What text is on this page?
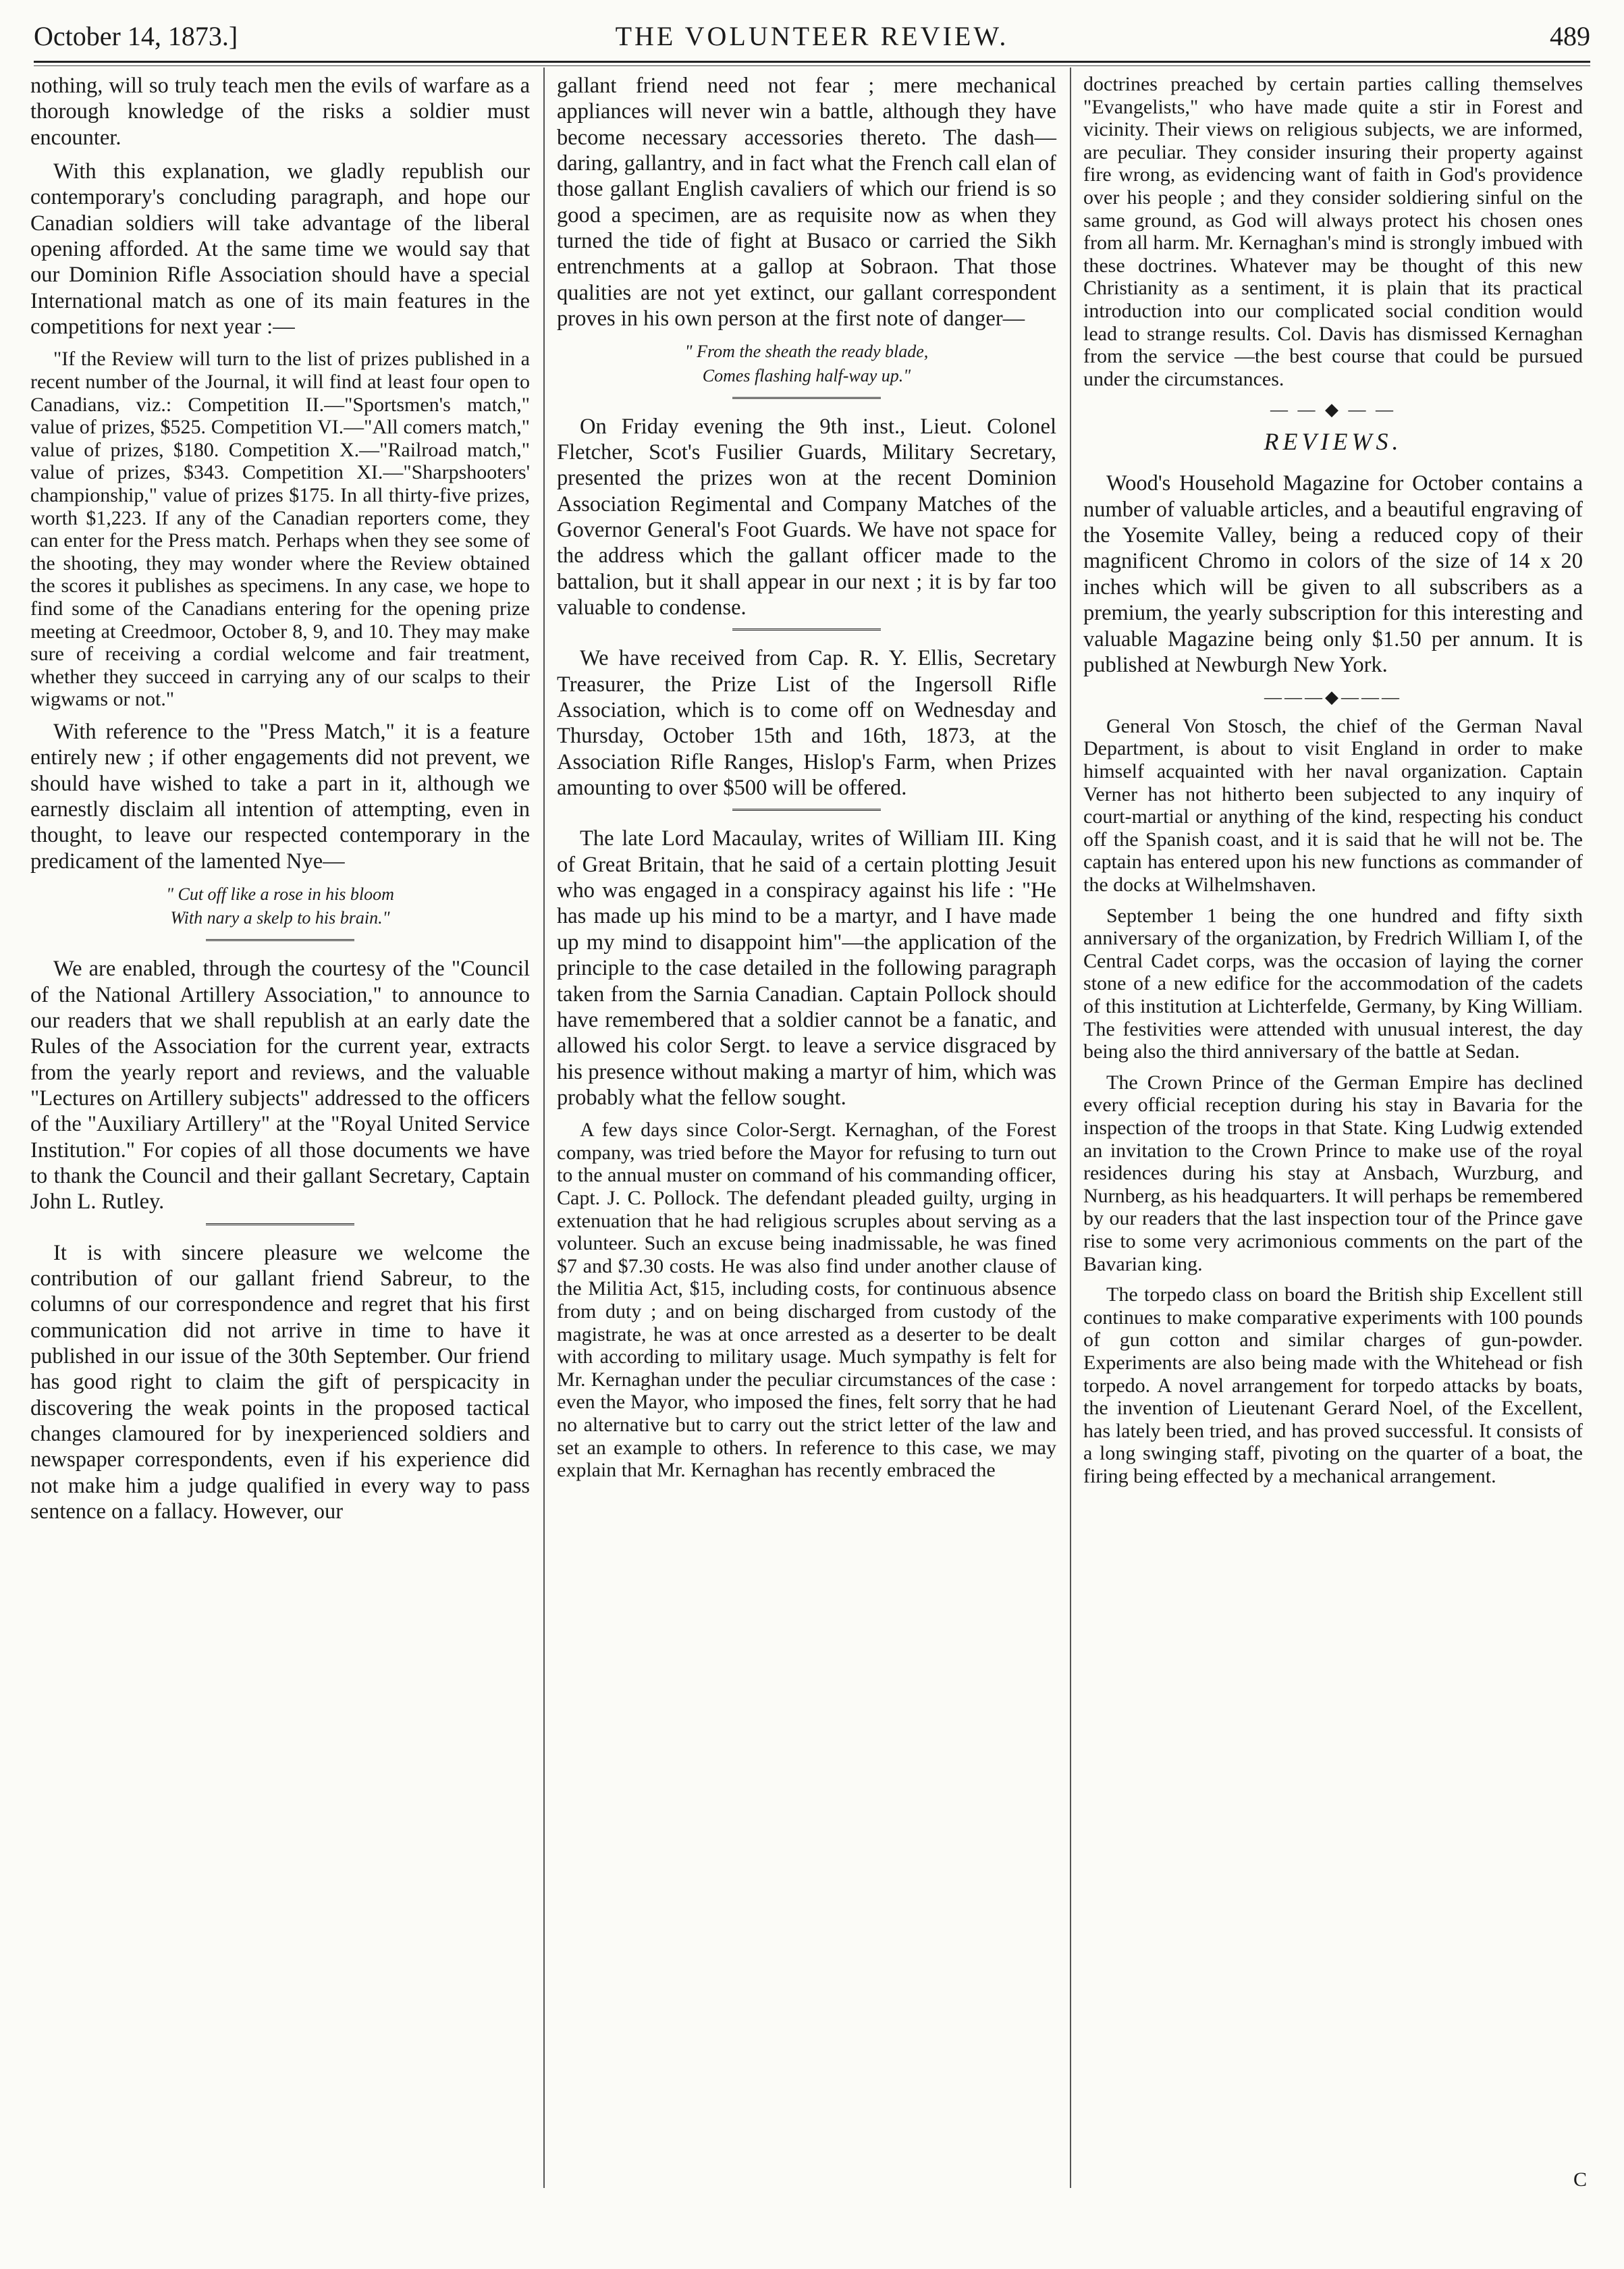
October 14, 1873.]	THE VOLUNTEER REVIEW.	489

nothing, will so truly teach men the evils of warfare as a thorough knowledge of the risks a soldier must encounter.

With this explanation, we gladly republish our contemporary's concluding paragraph, and hope our Canadian soldiers will take advantage of the liberal opening afforded. At the same time we would say that our Dominion Rifle Association should have a special International match as one of its main features in the competitions for next year :—

"If the Review will turn to the list of prizes published in a recent number of the Journal, it will find at least four open to Canadians, viz.: Competition II.—"Sportsmen's match," value of prizes, $525. Competition VI.—"All comers match," value of prizes, $180. Competition X.—"Railroad match," value of prizes, $343. Competition XI.—"Sharpshooters' championship," value of prizes $175. In all thirty-five prizes, worth $1,223. If any of the Canadian reporters come, they can enter for the Press match. Perhaps when they see some of the shooting, they may wonder where the Review obtained the scores it publishes as specimens. In any case, we hope to find some of the Canadians entering for the opening prize meeting at Creedmoor, October 8, 9, and 10. They may make sure of receiving a cordial welcome and fair treatment, whether they succeed in carrying any of our scalps to their wigwams or not."

With reference to the "Press Match," it is a feature entirely new ; if other engagements did not prevent, we should have wished to take a part in it, although we earnestly disclaim all intention of attempting, even in thought, to leave our respected contemporary in the predicament of the lamented Nye—

" Cut off like a rose in his bloom
With nary a skelp to his brain."

We are enabled, through the courtesy of the "Council of the National Artillery Association," to announce to our readers that we shall republish at an early date the Rules of the Association for the current year, extracts from the yearly report and reviews, and the valuable "Lectures on Artillery subjects" addressed to the officers of the "Auxiliary Artillery" at the "Royal United Service Institution." For copies of all those documents we have to thank the Council and their gallant Secretary, Captain John L. Rutley.

It is with sincere pleasure we welcome the contribution of our gallant friend Sabreur, to the columns of our correspondence and regret that his first communication did not arrive in time to have it published in our issue of the 30th September. Our friend has good right to claim the gift of perspicacity in discovering the weak points in the proposed tactical changes clamoured for by inexperienced soldiers and newspaper correspondents, even if his experience did not make him a judge qualified in every way to pass sentence on a fallacy. However, our

gallant friend need not fear ; mere mechanical appliances will never win a battle, although they have become necessary accessories thereto. The dash—daring, gallantry, and in fact what the French call elan of those gallant English cavaliers of which our friend is so good a specimen, are as requisite now as when they turned the tide of fight at Busaco or carried the Sikh entrenchments at a gallop at Sobraon. That those qualities are not yet extinct, our gallant correspondent proves in his own person at the first note of danger—

" From the sheath the ready blade,
Comes flashing half-way up."

On Friday evening the 9th inst., Lieut. Colonel Fletcher, Scot's Fusilier Guards, Military Secretary, presented the prizes won at the recent Dominion Association Regimental and Company Matches of the Governor General's Foot Guards. We have not space for the address which the gallant officer made to the battalion, but it shall appear in our next ; it is by far too valuable to condense.

We have received from Cap. R. Y. Ellis, Secretary Treasurer, the Prize List of the Ingersoll Rifle Association, which is to come off on Wednesday and Thursday, October 15th and 16th, 1873, at the Association Rifle Ranges, Hislop's Farm, when Prizes amounting to over $500 will be offered.

The late Lord Macaulay, writes of William III. King of Great Britain, that he said of a certain plotting Jesuit who was engaged in a conspiracy against his life : "He has made up his mind to be a martyr, and I have made up my mind to disappoint him"—the application of the principle to the case detailed in the following paragraph taken from the Sarnia Canadian. Captain Pollock should have remembered that a soldier cannot be a fanatic, and allowed his color Sergt. to leave a service disgraced by his presence without making a martyr of him, which was probably what the fellow sought.

A few days since Color-Sergt. Kernaghan, of the Forest company, was tried before the Mayor for refusing to turn out to the annual muster on command of his commanding officer, Capt. J. C. Pollock. The defendant pleaded guilty, urging in extenuation that he had religious scruples about serving as a volunteer. Such an excuse being inadmissable, he was fined $7 and $7.30 costs. He was also find under another clause of the Militia Act, $15, including costs, for continuous absence from duty ; and on being discharged from custody of the magistrate, he was at once arrested as a deserter to be dealt with according to military usage. Much sympathy is felt for Mr. Kernaghan under the peculiar circumstances of the case : even the Mayor, who imposed the fines, felt sorry that he had no alternative but to carry out the strict letter of the law and set an example to others. In reference to this case, we may explain that Mr. Kernaghan has recently embraced the

doctrines preached by certain parties calling themselves "Evangelists," who have made quite a stir in Forest and vicinity. Their views on religious subjects, we are informed, are peculiar. They consider insuring their property against fire wrong, as evidencing want of faith in God's providence over his people ; and they consider soldiering sinful on the same ground, as God will always protect his chosen ones from all harm. Mr. Kernaghan's mind is strongly imbued with these doctrines. Whatever may be thought of this new Christianity as a sentiment, it is plain that its practical introduction into our complicated social condition would lead to strange results. Col. Davis has dismissed Kernaghan from the service —the best course that could be pursued under the circumstances.

— — ◆ — —
REVIEWS.

Wood's Household Magazine for October contains a number of valuable articles, and a beautiful engraving of the Yosemite Valley, being a reduced copy of their magnificent Chromo in colors of the size of 14 x 20 inches which will be given to all subscribers as a premium, the yearly subscription for this interesting and valuable Magazine being only $1.50 per annum. It is published at Newburgh New York.

———◆———

General Von Stosch, the chief of the German Naval Department, is about to visit England in order to make himself acquainted with her naval organization. Captain Verner has not hitherto been subjected to any inquiry of court-martial or anything of the kind, respecting his conduct off the Spanish coast, and it is said that he will not be. The captain has entered upon his new functions as commander of the docks at Wilhelmshaven.

September 1 being the one hundred and fifty sixth anniversary of the organization, by Fredrich William I, of the Central Cadet corps, was the occasion of laying the corner stone of a new edifice for the accommodation of the cadets of this institution at Lichterfelde, Germany, by King William. The festivities were attended with unusual interest, the day being also the third anniversary of the battle at Sedan.

The Crown Prince of the German Empire has declined every official reception during his stay in Bavaria for the inspection of the troops in that State. King Ludwig extended an invitation to the Crown Prince to make use of the royal residences during his stay at Ansbach, Wurzburg, and Nurnberg, as his headquarters. It will perhaps be remembered by our readers that the last inspection tour of the Prince gave rise to some very acrimonious comments on the part of the Bavarian king.

The torpedo class on board the British ship Excellent still continues to make comparative experiments with 100 pounds of gun cotton and similar charges of gun-powder. Experiments are also being made with the Whitehead or fish torpedo. A novel arrangement for torpedo attacks by boats, the invention of Lieutenant Gerard Noel, of the Excellent, has lately been tried, and has proved successful. It consists of a long swinging staff, pivoting on the quarter of a boat, the firing being effected by a mechanical arrangement.

C
